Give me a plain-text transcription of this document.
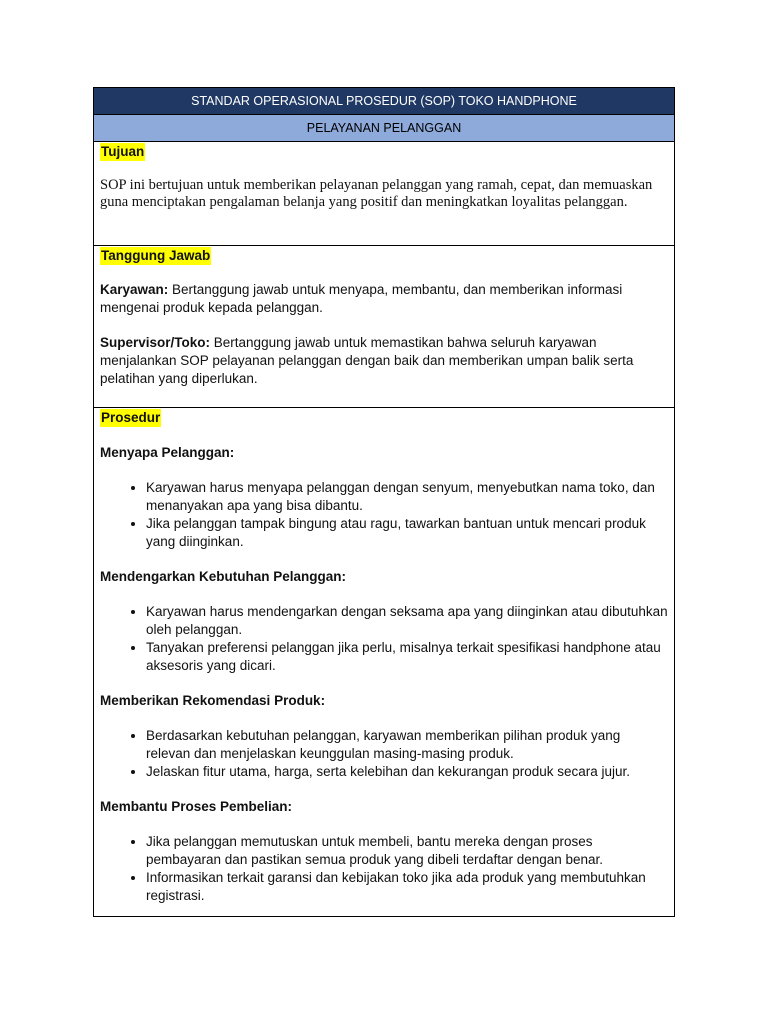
STANDAR OPERASIONAL PROSEDUR (SOP) TOKO HANDPHONE
PELAYANAN PELANGGAN

Tujuan

SOP ini bertujuan untuk memberikan pelayanan pelanggan yang ramah, cepat, dan memuaskan guna menciptakan pengalaman belanja yang positif dan meningkatkan loyalitas pelanggan.

Tanggung Jawab

Karyawan: Bertanggung jawab untuk menyapa, membantu, dan memberikan informasi mengenai produk kepada pelanggan.

Supervisor/Toko: Bertanggung jawab untuk memastikan bahwa seluruh karyawan menjalankan SOP pelayanan pelanggan dengan baik dan memberikan umpan balik serta pelatihan yang diperlukan.

Prosedur

Menyapa Pelanggan:

• Karyawan harus menyapa pelanggan dengan senyum, menyebutkan nama toko, dan menanyakan apa yang bisa dibantu.
• Jika pelanggan tampak bingung atau ragu, tawarkan bantuan untuk mencari produk yang diinginkan.

Mendengarkan Kebutuhan Pelanggan:

• Karyawan harus mendengarkan dengan seksama apa yang diinginkan atau dibutuhkan oleh pelanggan.
• Tanyakan preferensi pelanggan jika perlu, misalnya terkait spesifikasi handphone atau aksesoris yang dicari.

Memberikan Rekomendasi Produk:

• Berdasarkan kebutuhan pelanggan, karyawan memberikan pilihan produk yang relevan dan menjelaskan keunggulan masing-masing produk.
• Jelaskan fitur utama, harga, serta kelebihan dan kekurangan produk secara jujur.

Membantu Proses Pembelian:

• Jika pelanggan memutuskan untuk membeli, bantu mereka dengan proses pembayaran dan pastikan semua produk yang dibeli terdaftar dengan benar.
• Informasikan terkait garansi dan kebijakan toko jika ada produk yang membutuhkan registrasi.
